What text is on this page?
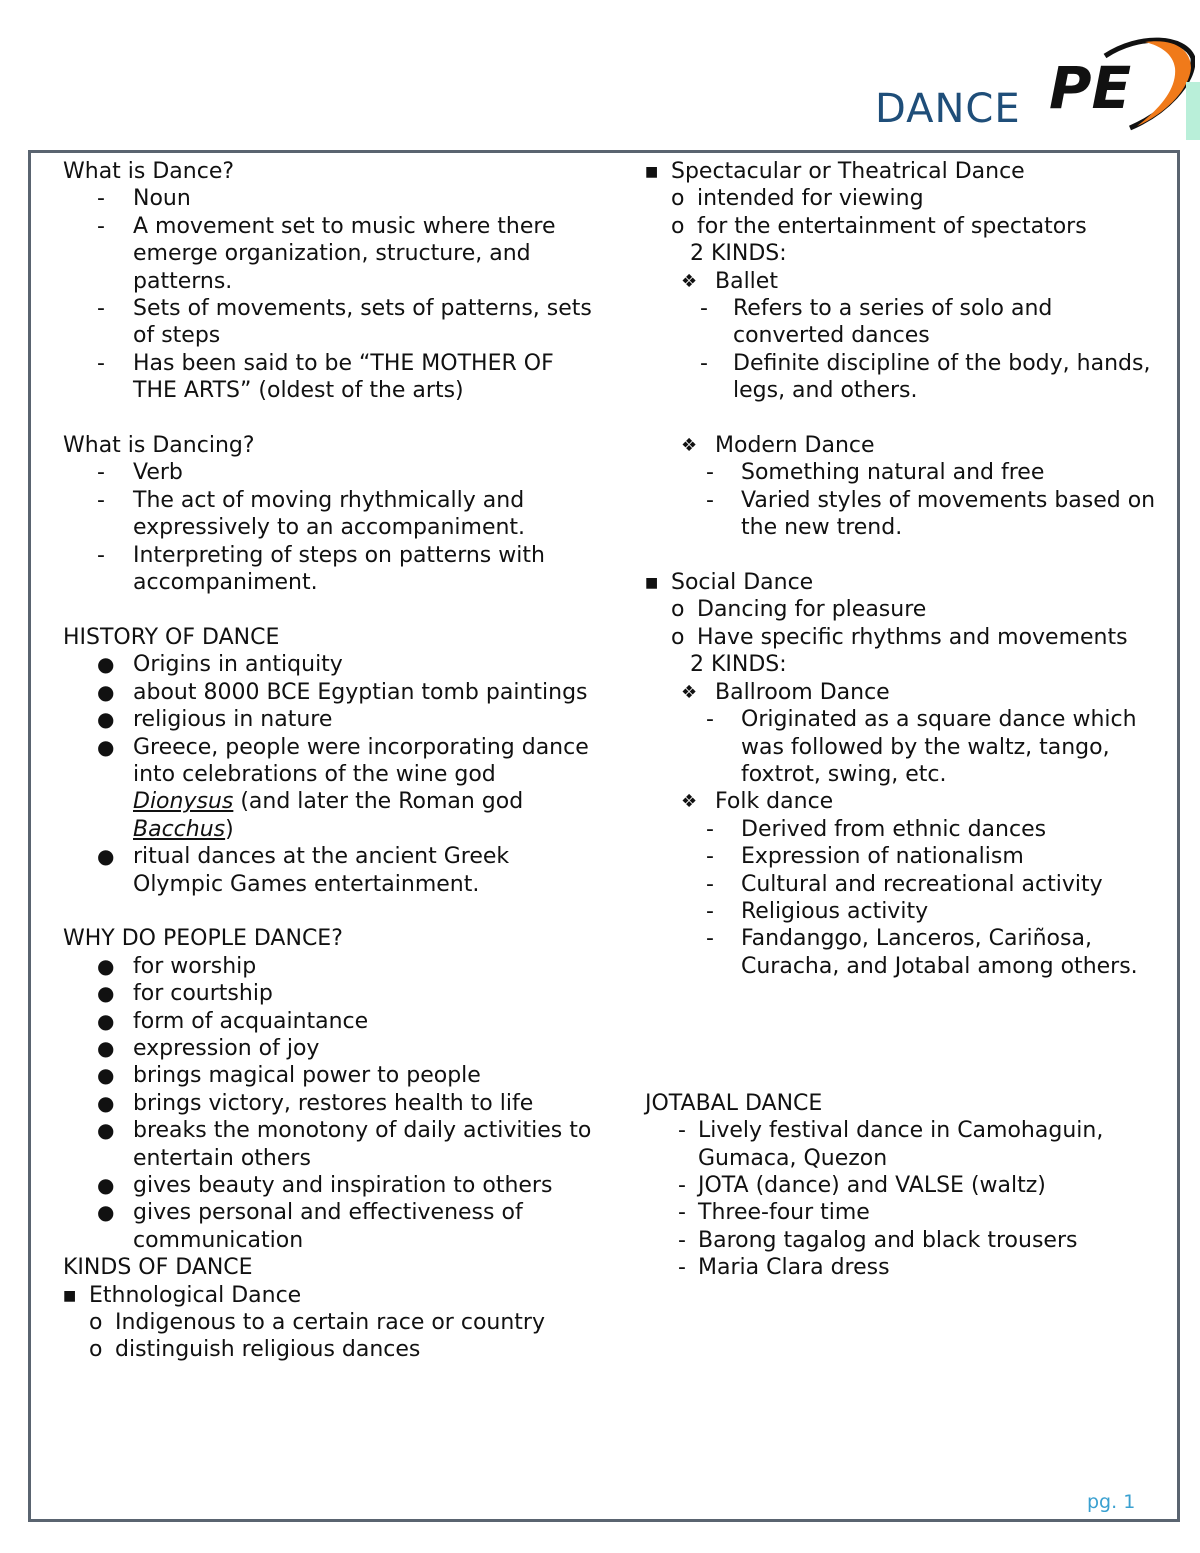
DANCE PE
What is Dance?
- Noun
- A movement set to music where there emerge organization, structure, and patterns.
- Sets of movements, sets of patterns, sets of steps
- Has been said to be “THE MOTHER OF THE ARTS” (oldest of the arts)
What is Dancing?
- Verb
- The act of moving rhythmically and expressively to an accompaniment.
- Interpreting of steps on patterns with accompaniment.
HISTORY OF DANCE
● Origins in antiquity
● about 8000 BCE Egyptian tomb paintings
● religious in nature
● Greece, people were incorporating dance into celebrations of the wine god Dionysus (and later the Roman god Bacchus)
● ritual dances at the ancient Greek Olympic Games entertainment.
WHY DO PEOPLE DANCE?
● for worship
● for courtship
● form of acquaintance
● expression of joy
● brings magical power to people
● brings victory, restores health to life
● breaks the monotony of daily activities to entertain others
● gives beauty and inspiration to others
● gives personal and effectiveness of communication
KINDS OF DANCE
■ Ethnological Dance
o Indigenous to a certain race or country
o distinguish religious dances
■ Spectacular or Theatrical Dance
o intended for viewing
o for the entertainment of spectators
2 KINDS:
❖ Ballet
- Refers to a series of solo and converted dances
- Definite discipline of the body, hands, legs, and others.
❖ Modern Dance
- Something natural and free
- Varied styles of movements based on the new trend.
■ Social Dance
o Dancing for pleasure
o Have specific rhythms and movements
2 KINDS:
❖ Ballroom Dance
- Originated as a square dance which was followed by the waltz, tango, foxtrot, swing, etc.
❖ Folk dance
- Derived from ethnic dances
- Expression of nationalism
- Cultural and recreational activity
- Religious activity
- Fandanggo, Lanceros, Cariñosa, Curacha, and Jotabal among others.
JOTABAL DANCE
- Lively festival dance in Camohaguin, Gumaca, Quezon
- JOTA (dance) and VALSE (waltz)
- Three-four time
- Barong tagalog and black trousers
- Maria Clara dress
pg. 1
